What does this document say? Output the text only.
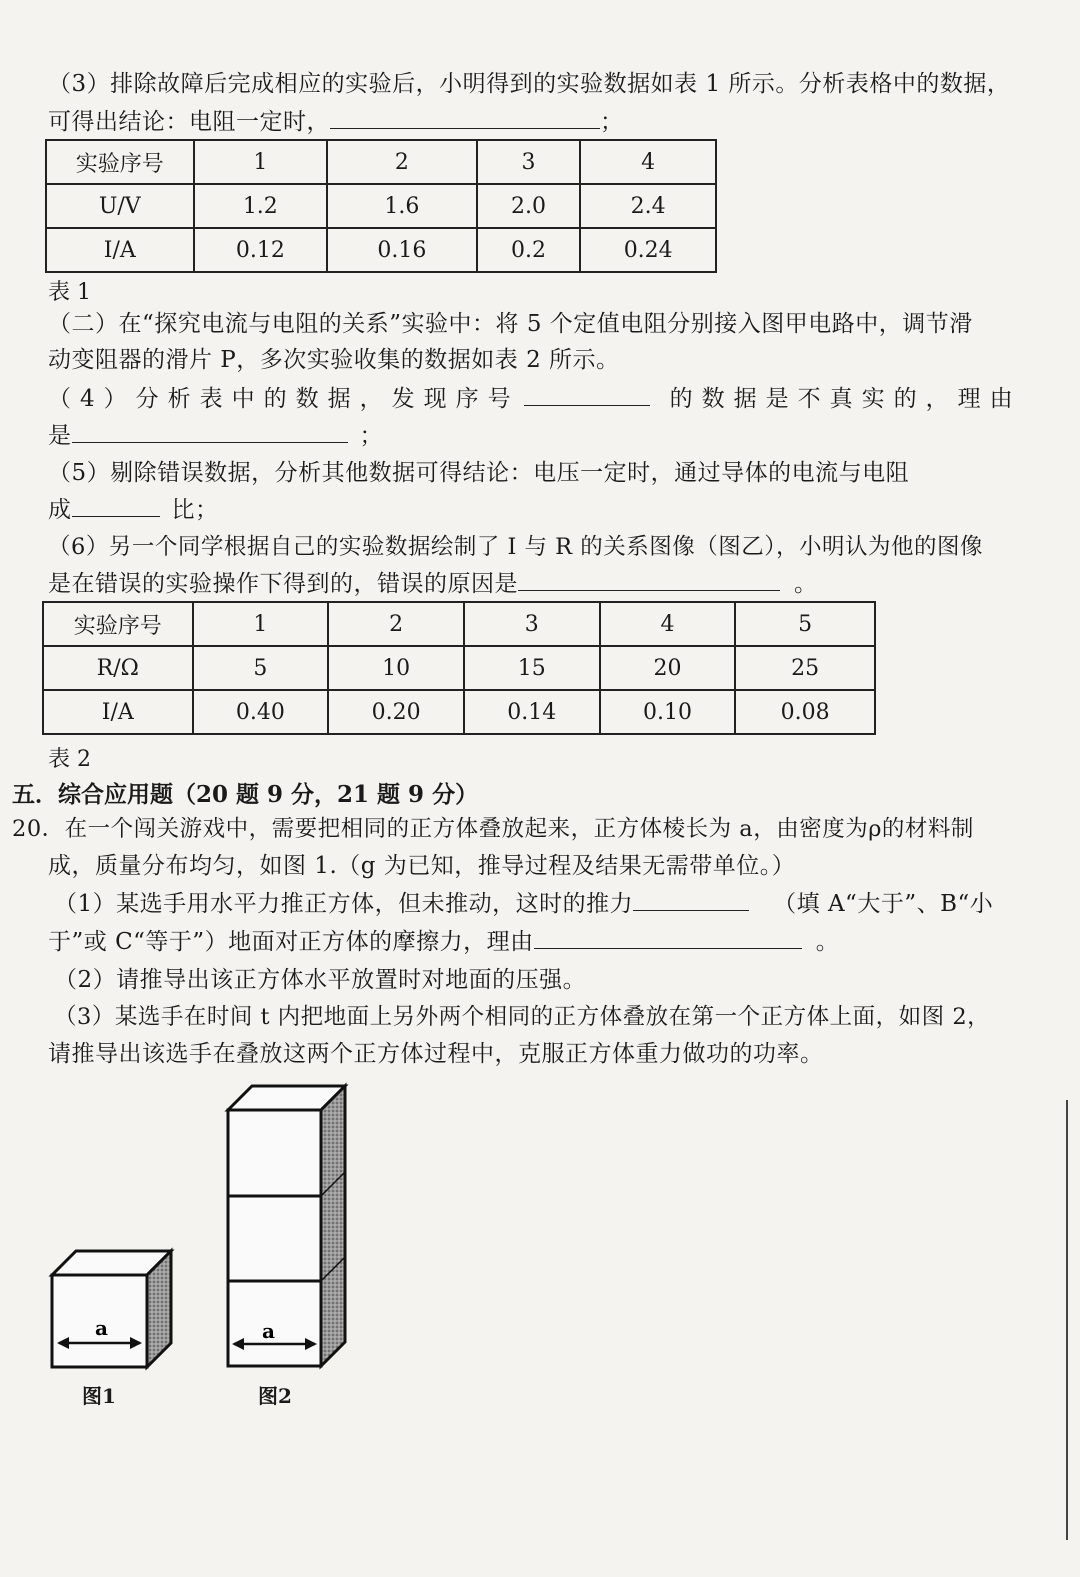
（3）排除故障后完成相应的实验后，小明得到的实验数据如表 1 所示。分析表格中的数据，
可得出结论：电阻一定时，	；
实验序号	1	2	3	4
U/V	1.2	1.6	2.0	2.4
I/A	0.12	0.16	0.2	0.24
表 1
（二）在“探究电流与电阻的关系”实验中：将 5 个定值电阻分别接入图甲电路中，调节滑
动变阻器的滑片 P，多次实验收集的数据如表 2 所示。
（4）分析表中的数据，发现序号	的数据是不真实的，理由
是	；
（5）剔除错误数据，分析其他数据可得结论：电压一定时，通过导体的电流与电阻
成	比；
（6）另一个同学根据自己的实验数据绘制了 I 与 R 的关系图像（图乙），小明认为他的图像
是在错误的实验操作下得到的，错误的原因是	。
实验序号	1	2	3	4	5
R/Ω	5	10	15	20	25
I/A	0.40	0.20	0.14	0.10	0.08
表 2
五．综合应用题（20 题 9 分，21 题 9 分）
20．在一个闯关游戏中，需要把相同的正方体叠放起来，正方体棱长为 a，由密度为ρ的材料制
成，质量分布均匀，如图 1.（g 为已知，推导过程及结果无需带单位。）
（1）某选手用水平力推正方体，但未推动，这时的推力	（填 A“大于”、B“小
于”或 C“等于”）地面对正方体的摩擦力，理由	。
（2）请推导出该正方体水平放置时对地面的压强。
（3）某选手在时间 t 内把地面上另外两个相同的正方体叠放在第一个正方体上面，如图 2，
请推导出该选手在叠放这两个正方体过程中，克服正方体重力做功的功率。
a
图1
a
图2
